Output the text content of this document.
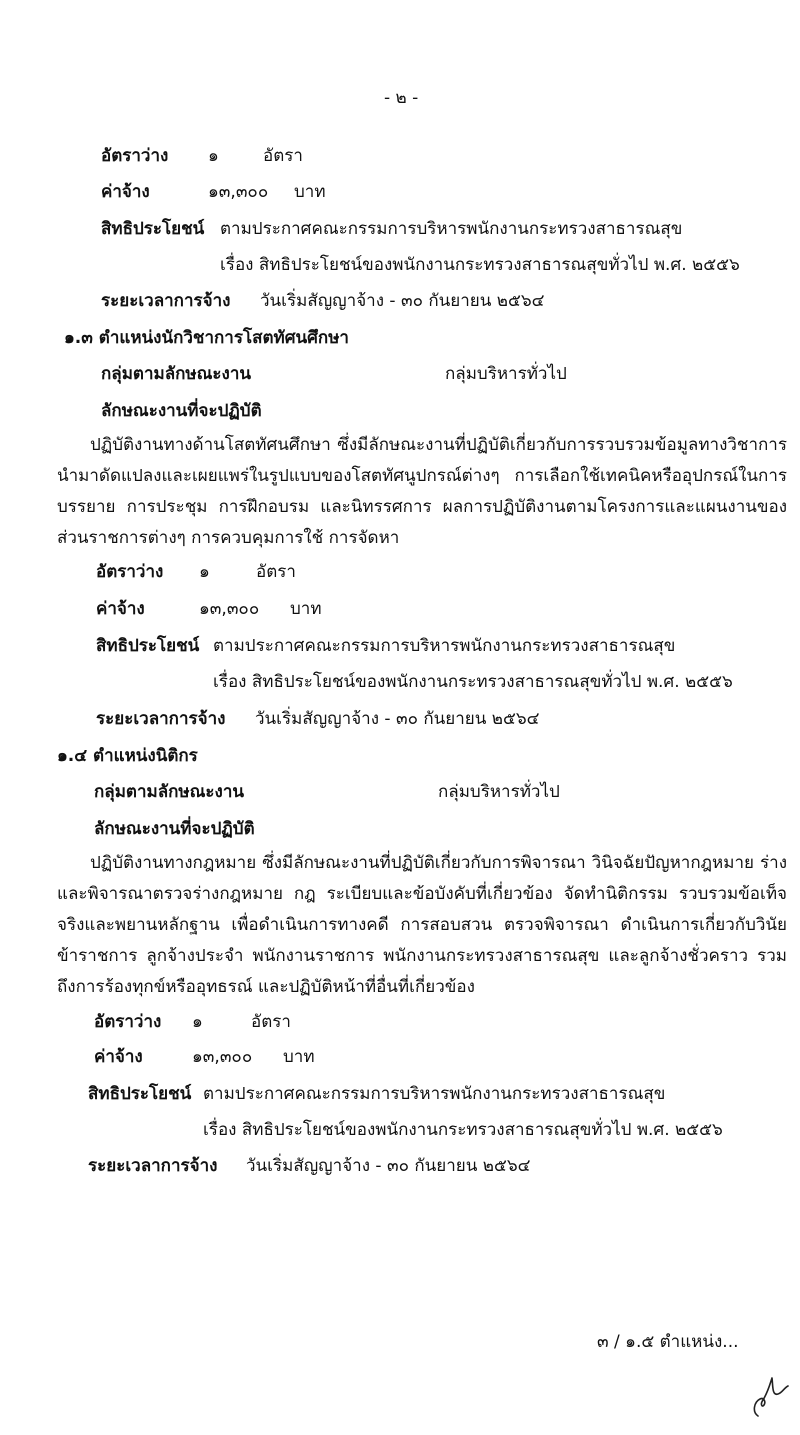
- ๒ -
อัตราว่าง ๑	อัตรา
ค่าจ้าง	๑๓,๓๐๐ บาท
สิทธิประโยชน์ ตามประกาศคณะกรรมการบริหารพนักงานกระทรวงสาธารณสุข
เรื่อง สิทธิประโยชน์ของพนักงานกระทรวงสาธารณสุขทั่วไป พ.ศ. ๒๕๕๖
ระยะเวลาการจ้าง วันเริ่มสัญญาจ้าง - ๓๐ กันยายน ๒๕๖๔
๑.๓ ตำแหน่งนักวิชาการโสตทัศนศึกษา
กลุ่มตามลักษณะงาน	กลุ่มบริหารทั่วไป
ลักษณะงานที่จะปฏิบัติ
ปฏิบัติงานทางด้านโสตทัศนศึกษา ซึ่งมีลักษณะงานที่ปฏิบัติเกี่ยวกับการรวบรวมข้อมูลทางวิชาการ นำมาดัดแปลงและเผยแพร่ในรูปแบบของโสตทัศนูปกรณ์ต่างๆ การเลือกใช้เทคนิคหรืออุปกรณ์ในการบรรยาย การประชุม การฝึกอบรม และนิทรรศการ ผลการปฏิบัติงานตามโครงการและแผนงานของส่วนราชการต่างๆ การควบคุมการใช้ การจัดหา
อัตราว่าง ๑	อัตรา
ค่าจ้าง	๑๓,๓๐๐ บาท
สิทธิประโยชน์ ตามประกาศคณะกรรมการบริหารพนักงานกระทรวงสาธารณสุข
เรื่อง สิทธิประโยชน์ของพนักงานกระทรวงสาธารณสุขทั่วไป พ.ศ. ๒๕๕๖
ระยะเวลาการจ้าง วันเริ่มสัญญาจ้าง - ๓๐ กันยายน ๒๕๖๔
๑.๔ ตำแหน่งนิติกร
กลุ่มตามลักษณะงาน	กลุ่มบริหารทั่วไป
ลักษณะงานที่จะปฏิบัติ
ปฏิบัติงานทางกฎหมาย ซึ่งมีลักษณะงานที่ปฏิบัติเกี่ยวกับการพิจารณา วินิจฉัยปัญหากฎหมาย ร่าง และพิจารณาตรวจร่างกฎหมาย กฎ ระเบียบและข้อบังคับที่เกี่ยวข้อง จัดทำนิติกรรม รวบรวมข้อเท็จจริงและพยานหลักฐาน เพื่อดำเนินการทางคดี การสอบสวน ตรวจพิจารณา ดำเนินการเกี่ยวกับวินัยข้าราชการ ลูกจ้างประจำ พนักงานราชการ พนักงานกระทรวงสาธารณสุข และลูกจ้างชั่วคราว รวมถึงการร้องทุกข์หรืออุทธรณ์ และปฏิบัติหน้าที่อื่นที่เกี่ยวข้อง
อัตราว่าง ๑	อัตรา
ค่าจ้าง	๑๓,๓๐๐ บาท
สิทธิประโยชน์ ตามประกาศคณะกรรมการบริหารพนักงานกระทรวงสาธารณสุข
เรื่อง สิทธิประโยชน์ของพนักงานกระทรวงสาธารณสุขทั่วไป พ.ศ. ๒๕๕๖
ระยะเวลาการจ้าง วันเริ่มสัญญาจ้าง - ๓๐ กันยายน ๒๕๖๔
๓ / ๑.๕ ตำแหน่ง...
